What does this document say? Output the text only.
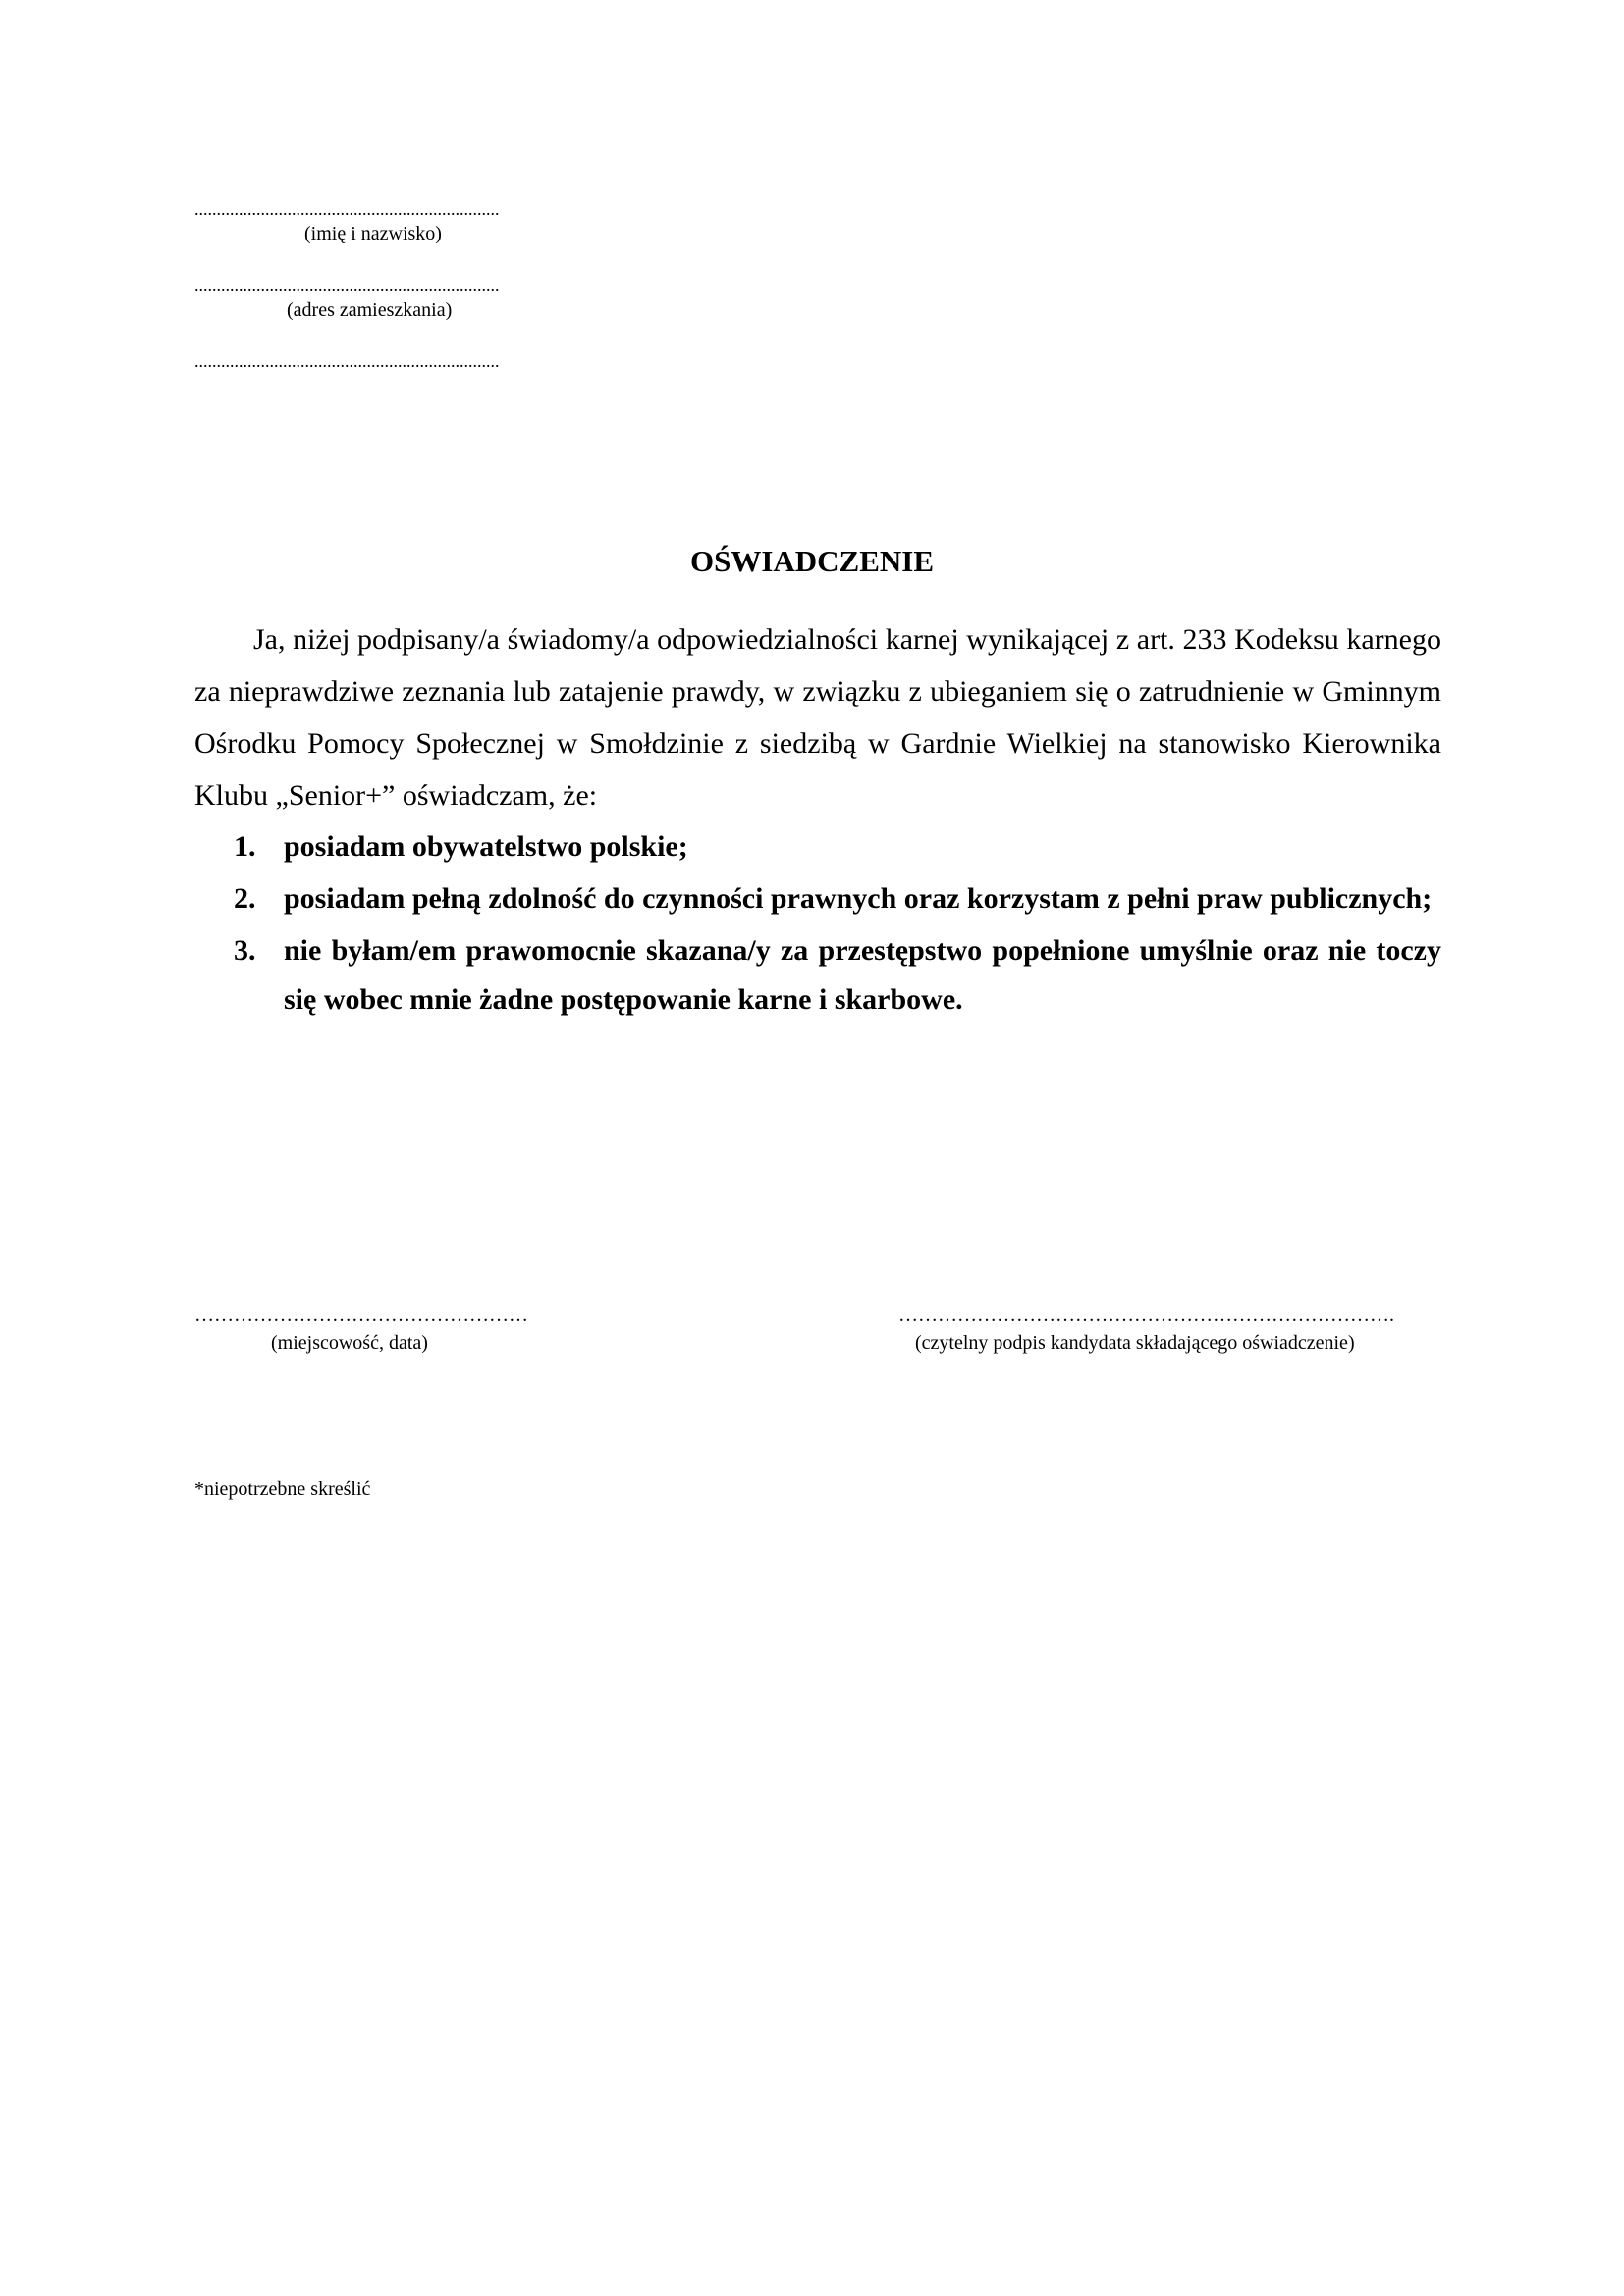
.....................................................................
(imię i nazwisko)
.....................................................................
(adres zamieszkania)
.....................................................................
OŚWIADCZENIE
Ja, niżej podpisany/a świadomy/a odpowiedzialności karnej wynikającej z art. 233 Kodeksu karnego za nieprawdziwe zeznania lub zatajenie prawdy, w związku z ubieganiem się o zatrudnienie w Gminnym Ośrodku Pomocy Społecznej w Smołdzinie z siedzibą w Gardnie Wielkiej na stanowisko Kierownika Klubu „Senior+” oświadczam, że:
1. posiadam obywatelstwo polskie;
2. posiadam pełną zdolność do czynności prawnych oraz korzystam z pełni praw publicznych;
3. nie byłam/em prawomocnie skazana/y za przestępstwo popełnione umyślnie oraz nie toczy się wobec mnie żadne postępowanie karne i skarbowe.
……………………………………………
(miejscowość, data)
………………………………………………………………….
(czytelny podpis kandydata składającego oświadczenie)
*niepotrzebne skreślić
